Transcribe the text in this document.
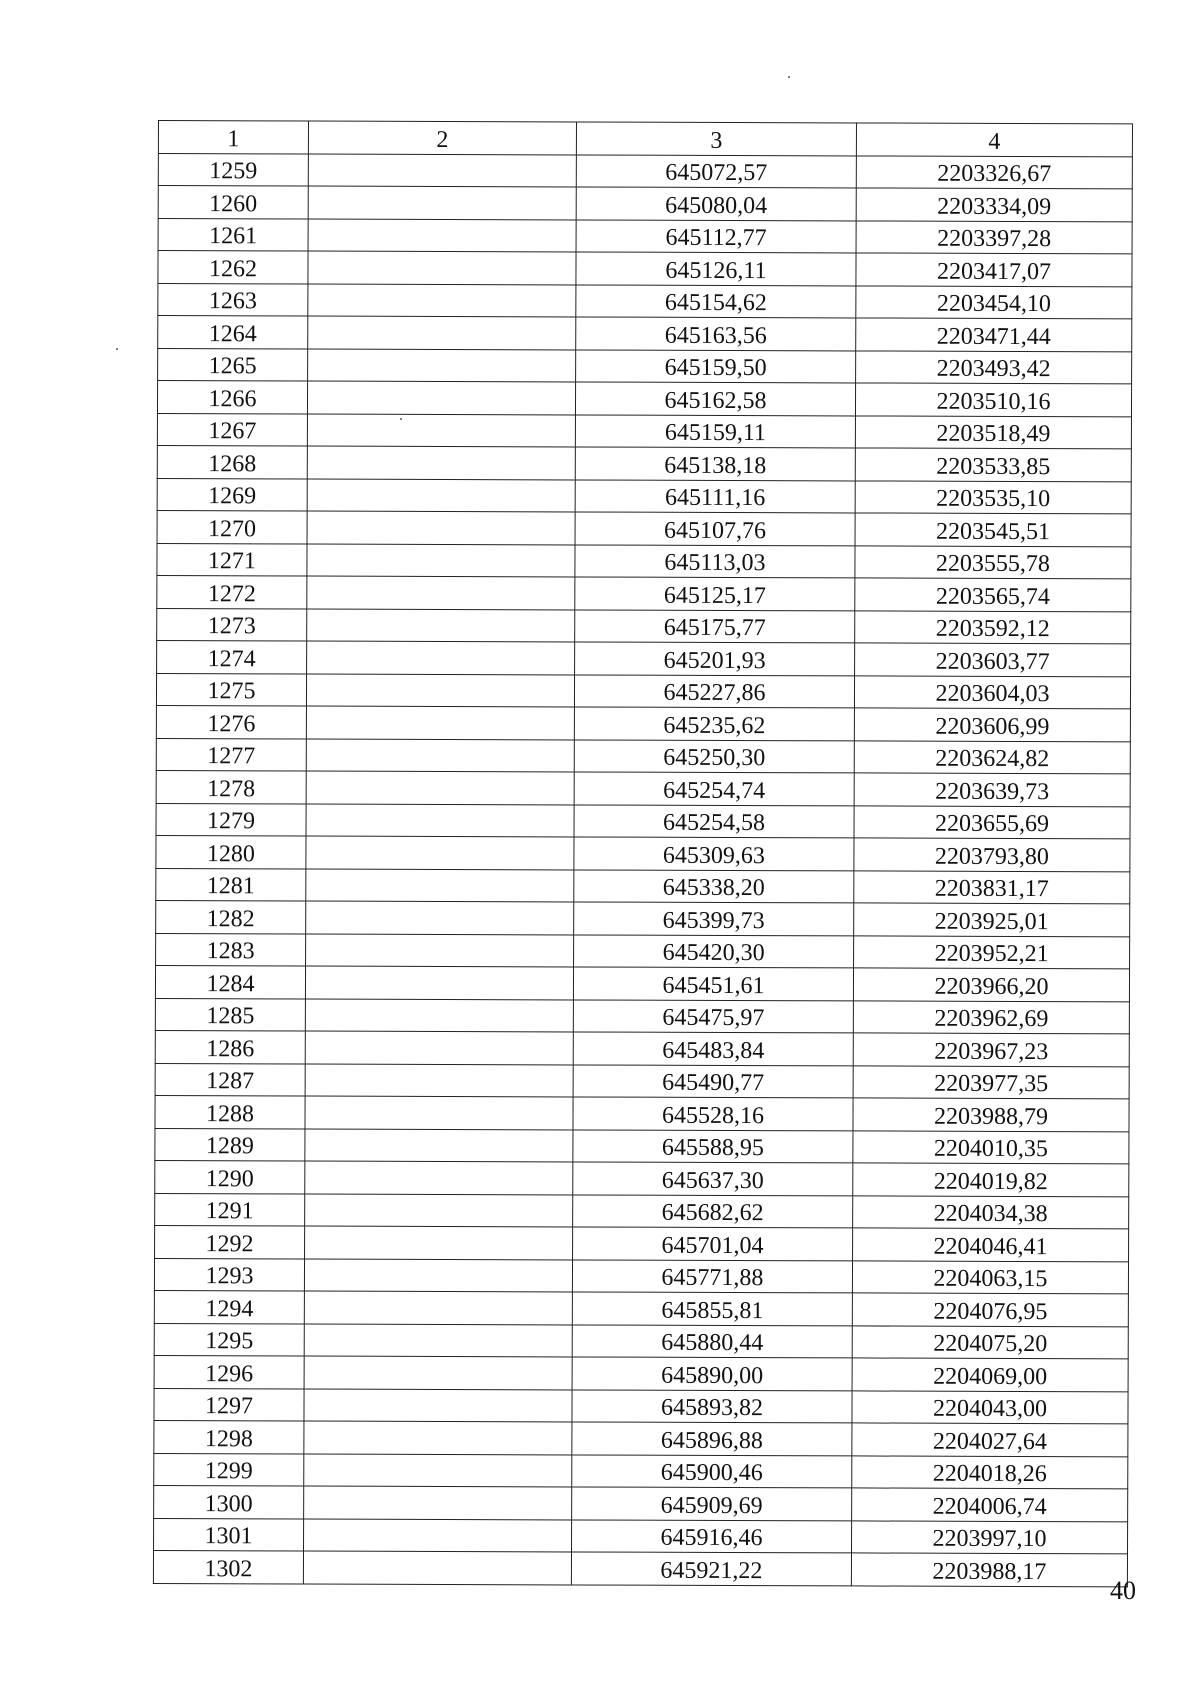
1	2	3	4
1259		645072,57	2203326,67
1260		645080,04	2203334,09
1261		645112,77	2203397,28
1262		645126,11	2203417,07
1263		645154,62	2203454,10
1264		645163,56	2203471,44
1265		645159,50	2203493,42
1266		645162,58	2203510,16
1267		645159,11	2203518,49
1268		645138,18	2203533,85
1269		645111,16	2203535,10
1270		645107,76	2203545,51
1271		645113,03	2203555,78
1272		645125,17	2203565,74
1273		645175,77	2203592,12
1274		645201,93	2203603,77
1275		645227,86	2203604,03
1276		645235,62	2203606,99
1277		645250,30	2203624,82
1278		645254,74	2203639,73
1279		645254,58	2203655,69
1280		645309,63	2203793,80
1281		645338,20	2203831,17
1282		645399,73	2203925,01
1283		645420,30	2203952,21
1284		645451,61	2203966,20
1285		645475,97	2203962,69
1286		645483,84	2203967,23
1287		645490,77	2203977,35
1288		645528,16	2203988,79
1289		645588,95	2204010,35
1290		645637,30	2204019,82
1291		645682,62	2204034,38
1292		645701,04	2204046,41
1293		645771,88	2204063,15
1294		645855,81	2204076,95
1295		645880,44	2204075,20
1296		645890,00	2204069,00
1297		645893,82	2204043,00
1298		645896,88	2204027,64
1299		645900,46	2204018,26
1300		645909,69	2204006,74
1301		645916,46	2203997,10
1302		645921,22	2203988,17
40
